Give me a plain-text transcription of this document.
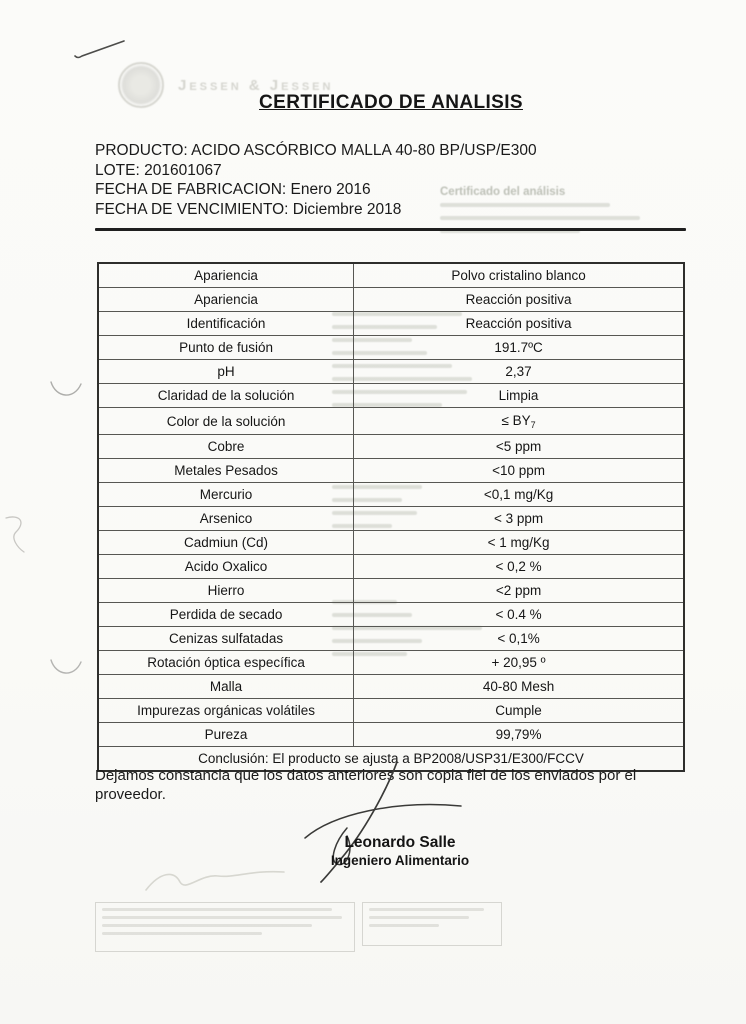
Jessen & Jessen
Certificado del análisis
CERTIFICADO DE ANALISIS
PRODUCTO: ACIDO ASCÓRBICO MALLA 40-80 BP/USP/E300
LOTE: 201601067
FECHA DE FABRICACION: Enero 2016
FECHA DE VENCIMIENTO: Diciembre 2018
Apariencia	Polvo cristalino blanco
Apariencia	Reacción positiva
Identificación	Reacción positiva
Punto de fusión	191.7ºC
pH	2,37
Claridad de la solución	Limpia
Color de la solución	≤ $BY_7$
Cobre	<5 ppm
Metales Pesados	<10 ppm
Mercurio	<0,1 mg/Kg
Arsenico	< 3 ppm
Cadmiun (Cd)	< 1 mg/Kg
Acido Oxalico	< 0,2 %
Hierro	<2 ppm
Perdida de secado	< 0.4 %
Cenizas sulfatadas	< 0,1%
Rotación óptica específica	+ 20,95 º
Malla	40-80 Mesh
Impurezas orgánicas volátiles	Cumple
Pureza	99,79%
Conclusión: El producto se ajusta a BP2008/USP31/E300/FCCV	
Dejamos constancia que los datos anteriores son copia fiel de los enviados por el
proveedor.
Leonardo Salle
Ingeniero Alimentario
